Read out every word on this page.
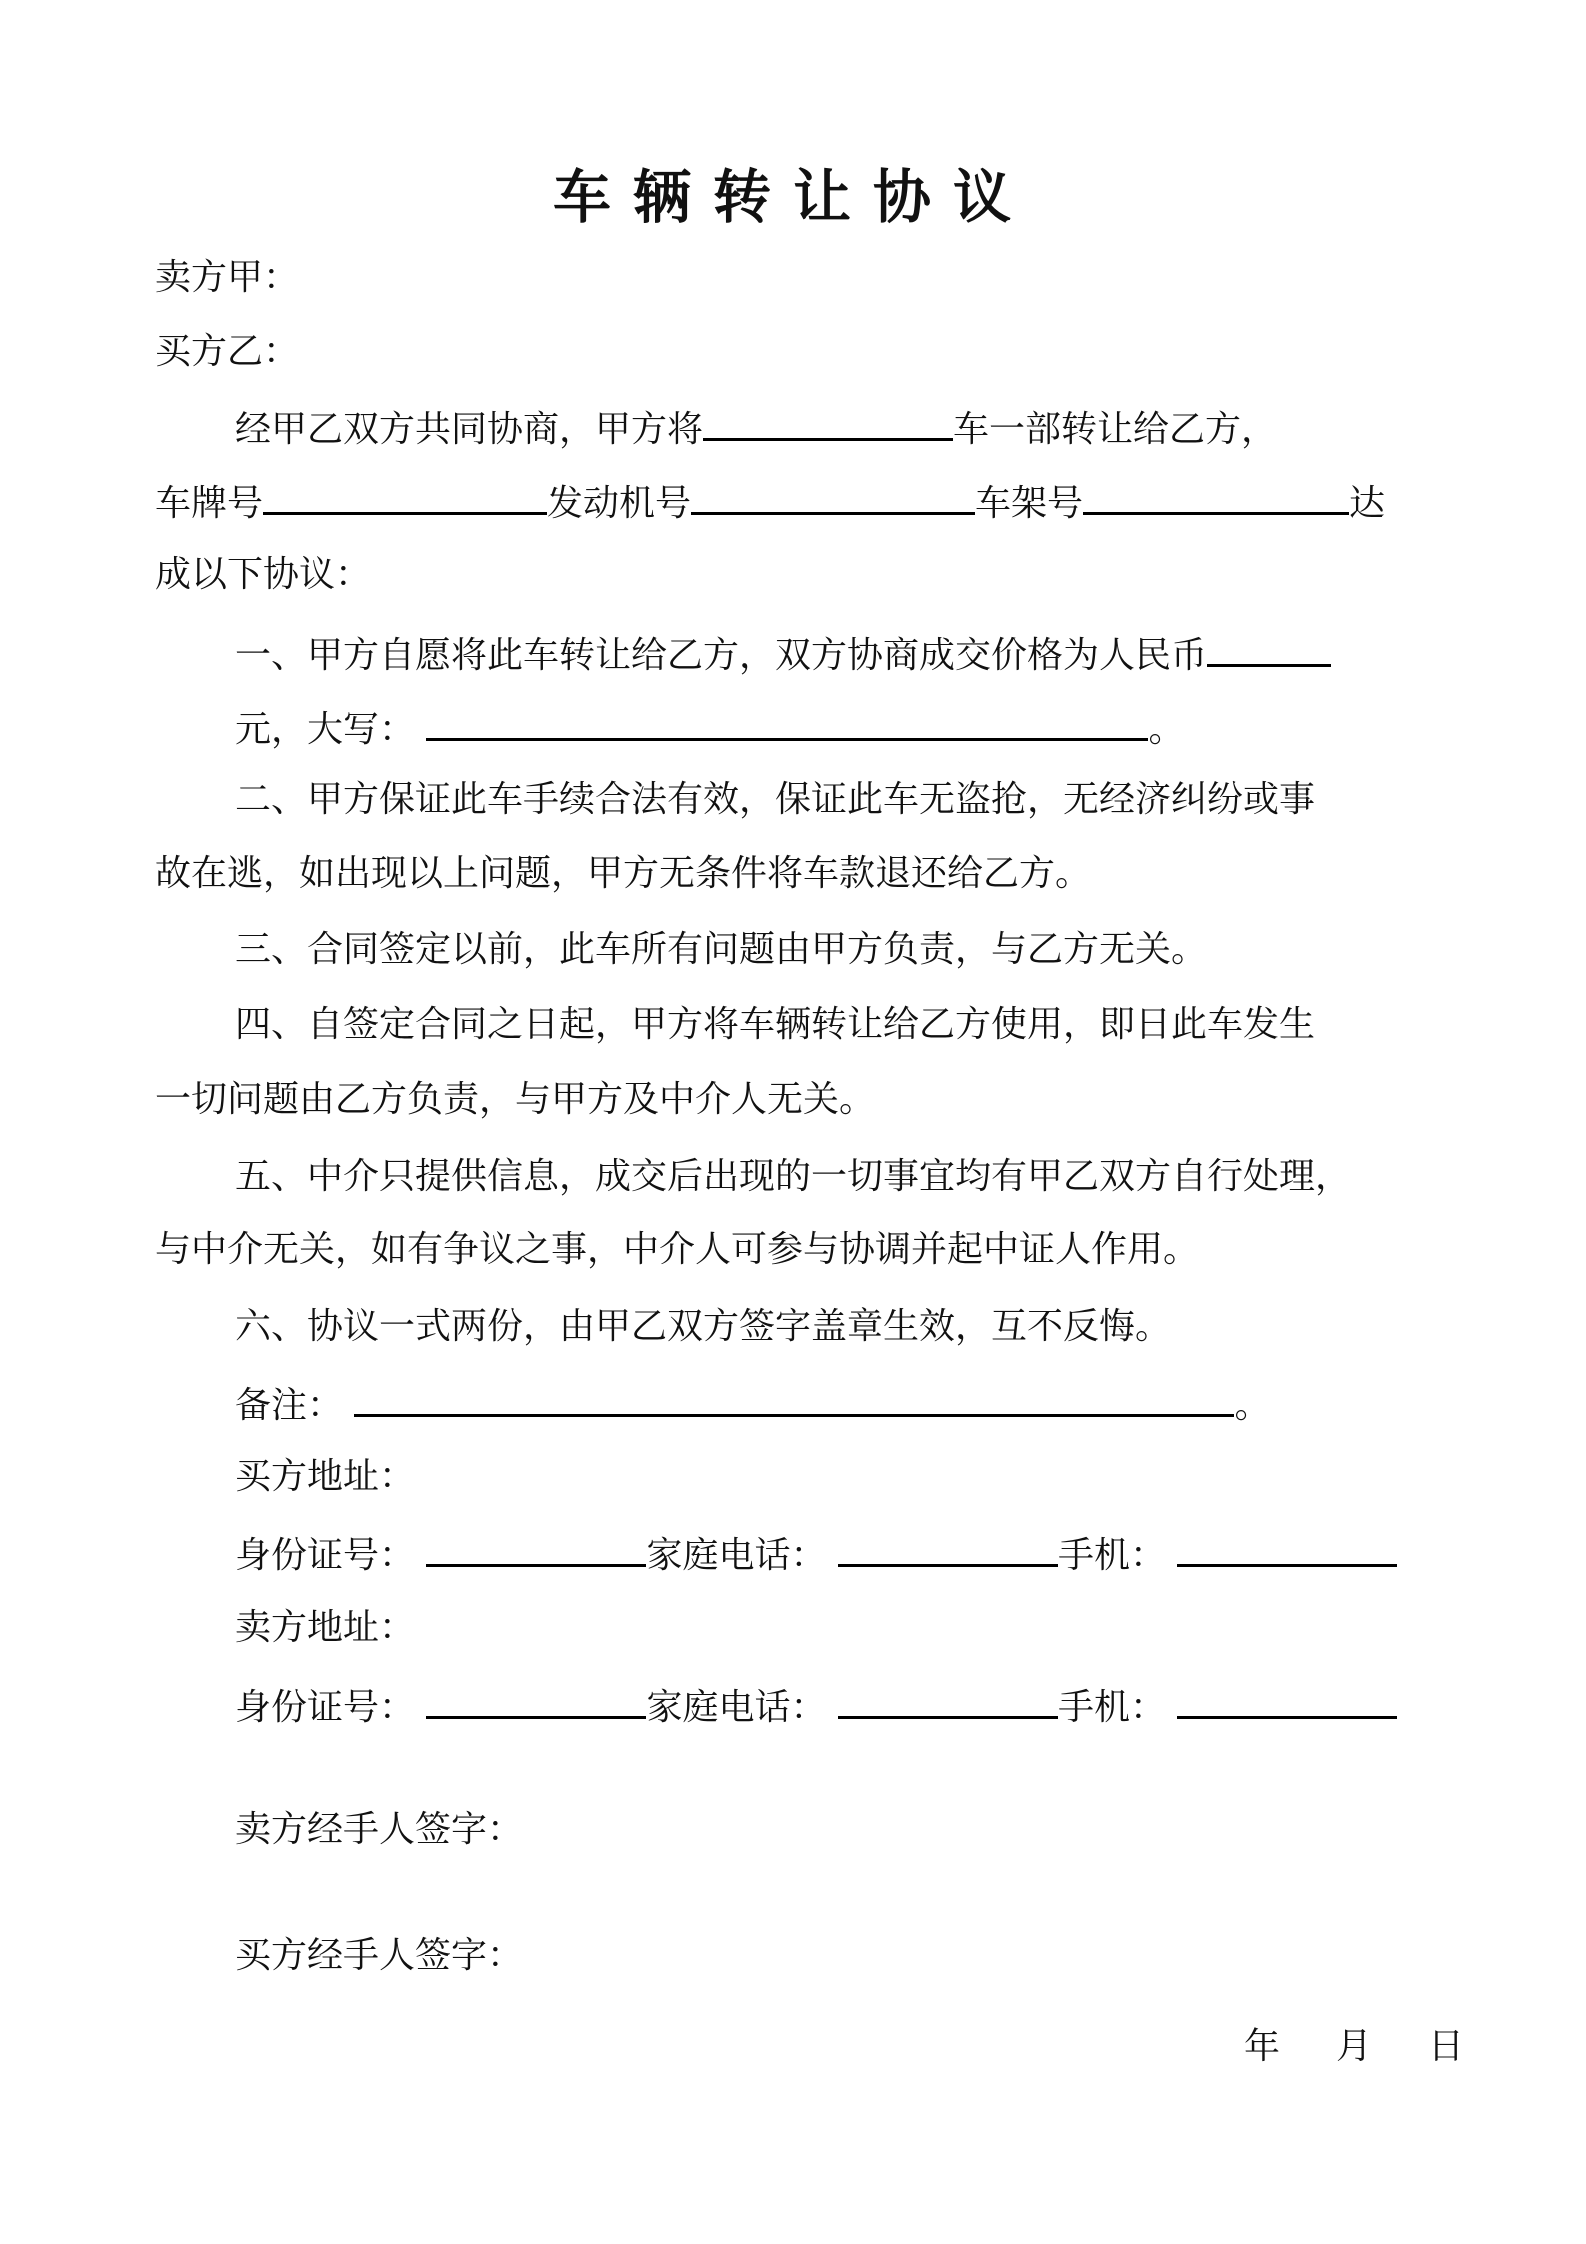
车辆转让协议
卖方甲：
买方乙：
经甲乙双方共同协商，甲方将	车一部转让给乙方，
车牌号	发动机号	车架号	达
成以下协议：
一、甲方自愿将此车转让给乙方，双方协商成交价格为人民币
元，大写：	。
二、甲方保证此车手续合法有效，保证此车无盗抢，无经济纠纷或事
故在逃，如出现以上问题，甲方无条件将车款退还给乙方。
三、合同签定以前，此车所有问题由甲方负责，与乙方无关。
四、自签定合同之日起，甲方将车辆转让给乙方使用，即日此车发生
一切问题由乙方负责，与甲方及中介人无关。
五、中介只提供信息，成交后出现的一切事宜均有甲乙双方自行处理，
与中介无关，如有争议之事，中介人可参与协调并起中证人作用。
六、协议一式两份，由甲乙双方签字盖章生效，互不反悔。
备注：	。
买方地址：
身份证号：	家庭电话：	手机：
卖方地址：
身份证号：	家庭电话：	手机：
卖方经手人签字：
买方经手人签字：
年 月 日
